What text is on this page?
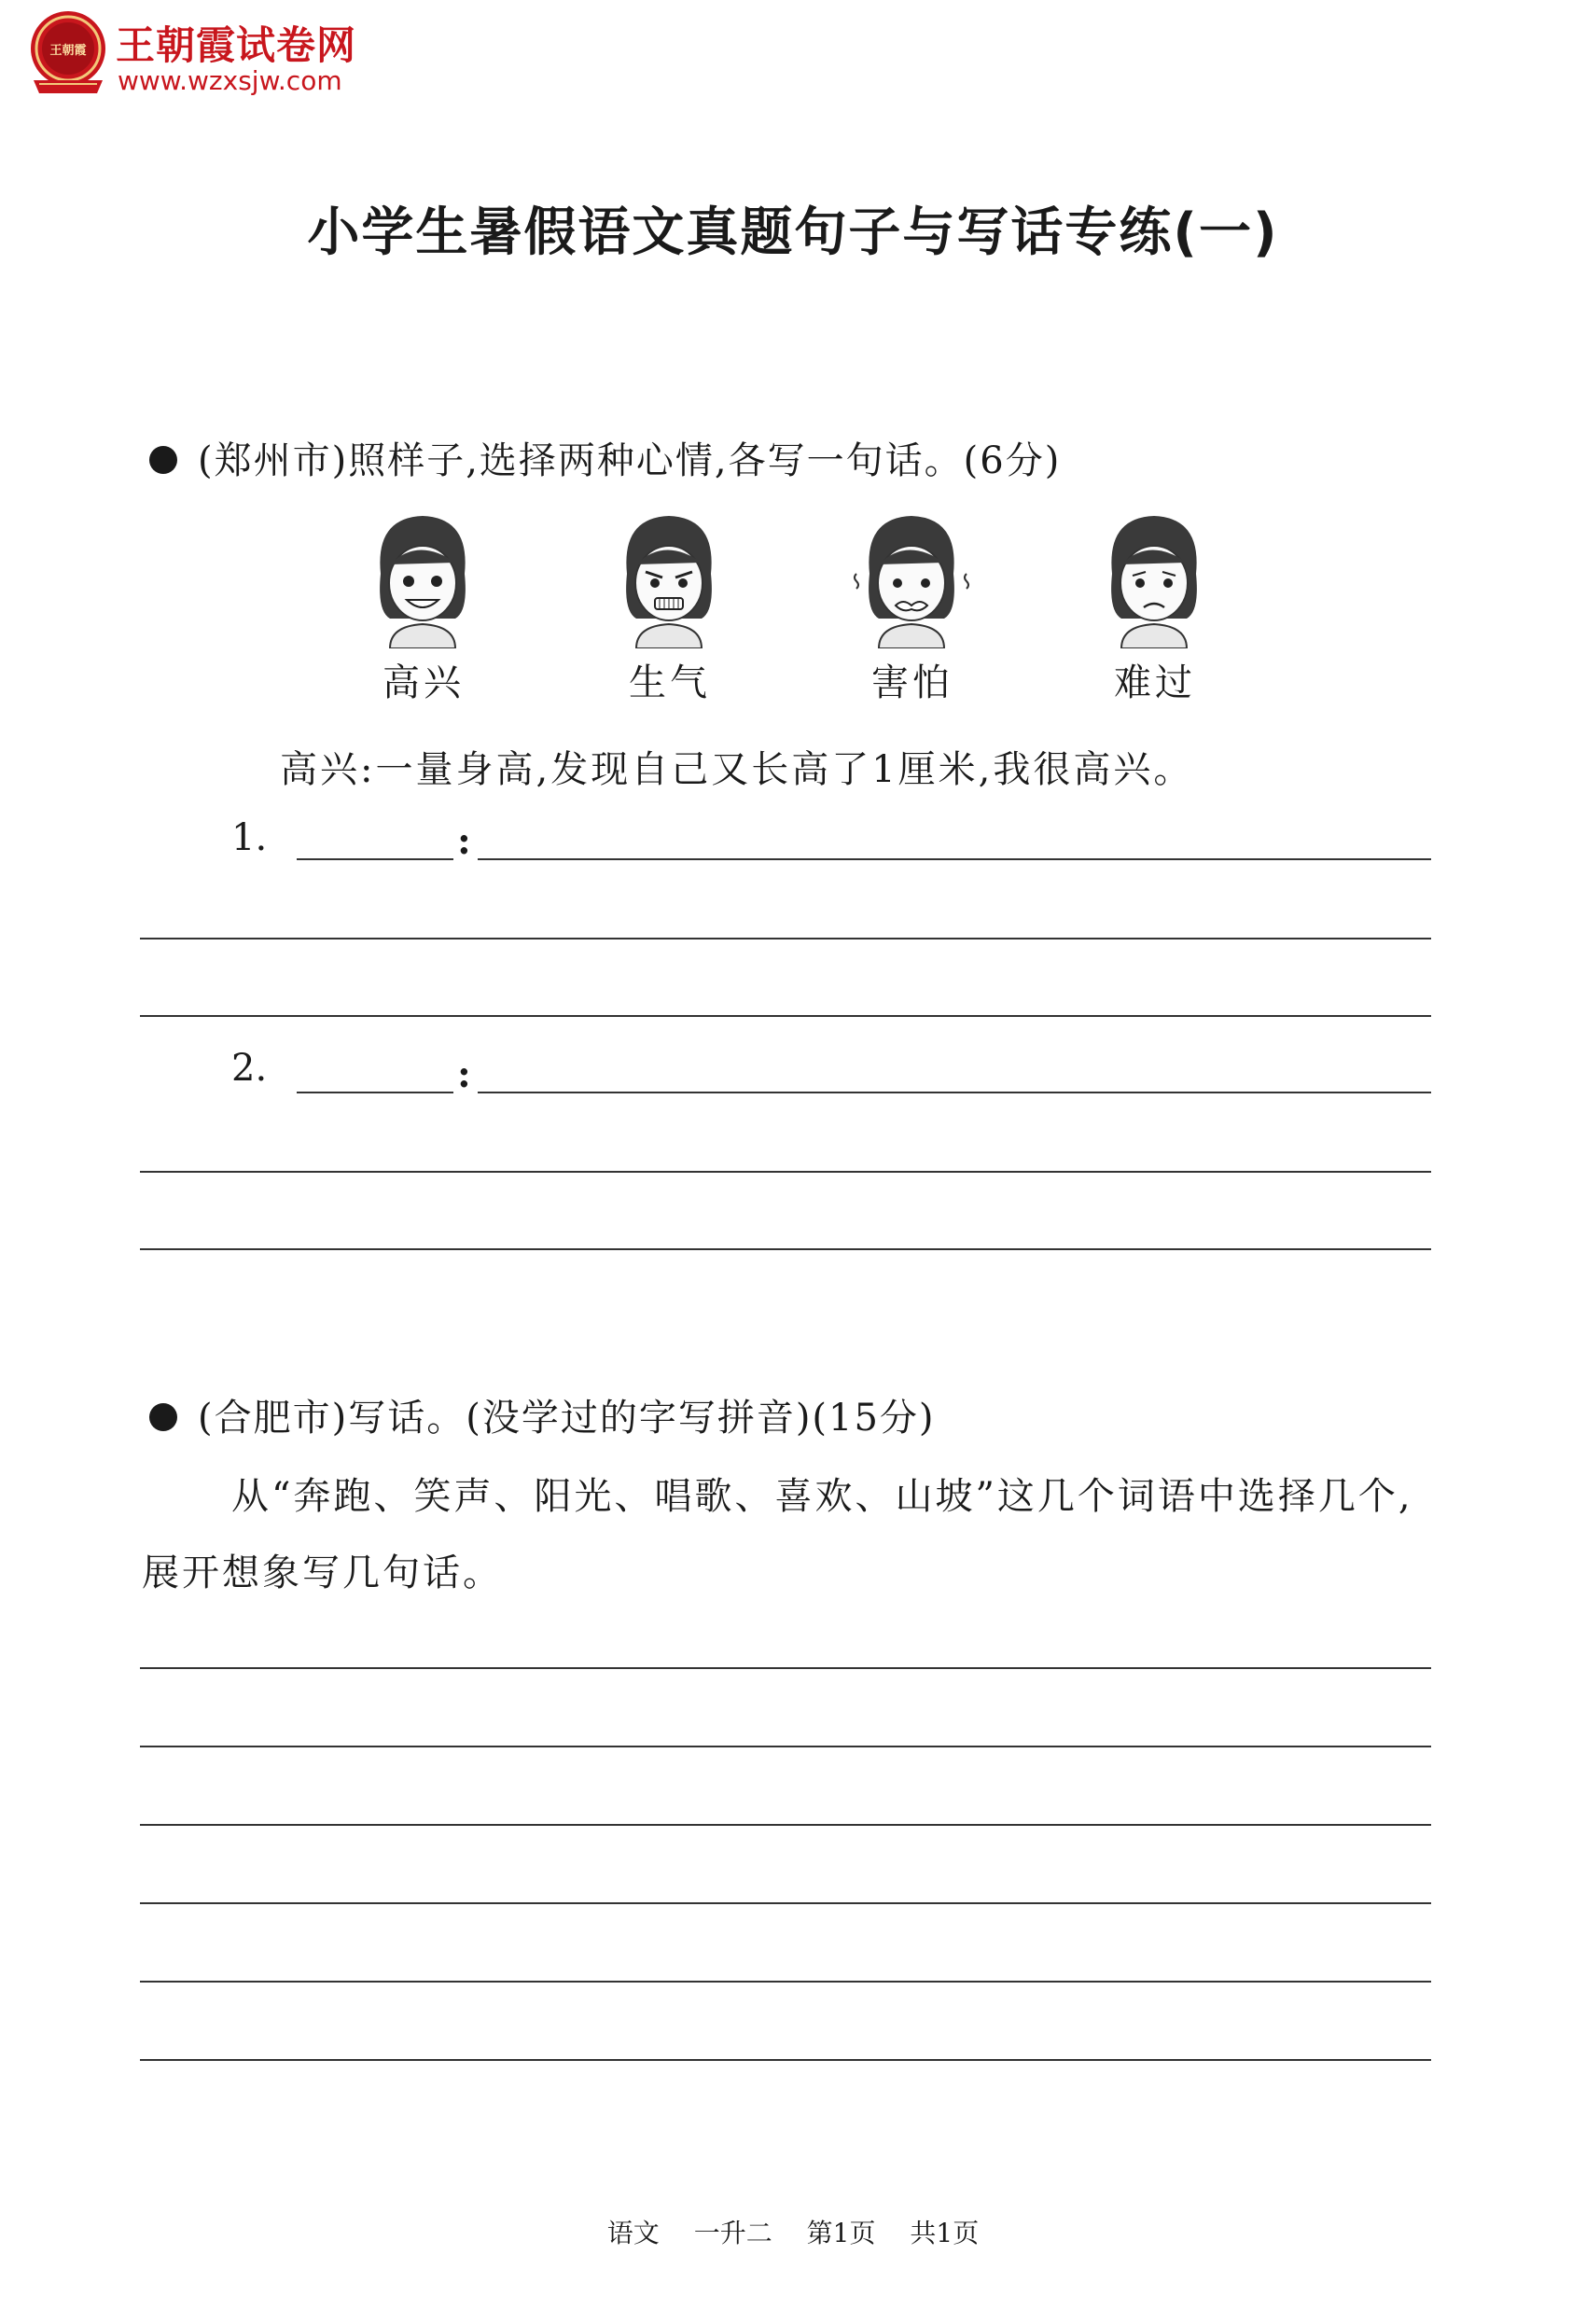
王朝霞 王朝霞试卷网
www.wzxsjw.com
小学生暑假语文真题句子与写话专练(一)
(郑州市)照样子,选择两种心情,各写一句话。(6分)
高兴	生气	害怕	难过
高兴:一量身高,发现自己又长高了1厘米,我很高兴。
1.	:
2.	:
(合肥市)写话。(没学过的字写拼音)(15分)
从“奔跑、笑声、阳光、唱歌、喜欢、山坡”这几个词语中选择几个,
展开想象写几句话。
语文 一升二 第1页 共1页
